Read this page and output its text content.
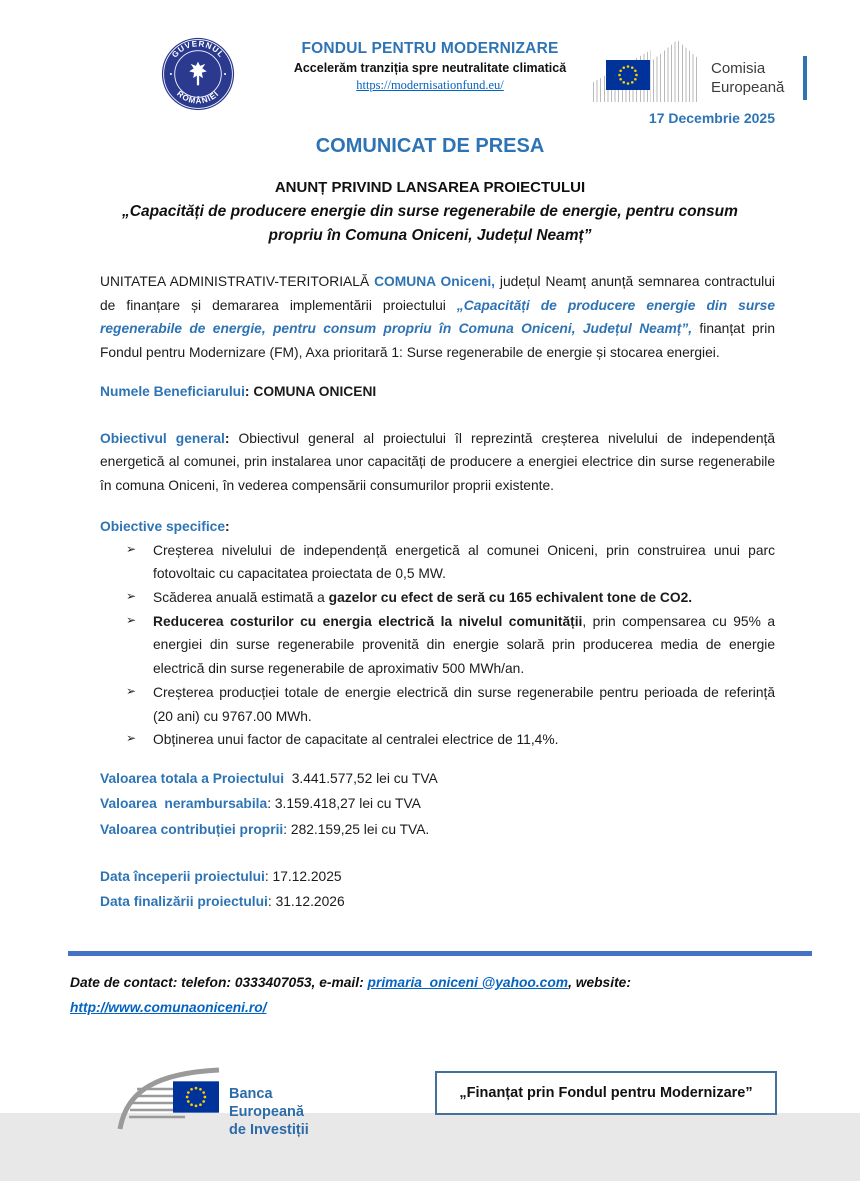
GUVERNUL
ROMÂNIEI
FONDUL PENTRU MODERNIZARE
Accelerăm tranziția spre neutralitate climatică
https://modernisationfund.eu/
Comisia
Europeană
17 Decembrie 2025
COMUNICAT DE PRESA
ANUNȚ PRIVIND LANSAREA PROIECTULUI
„Capacități de producere energie din surse regenerabile de energie, pentru consum propriu în Comuna Oniceni, Județul Neamț”

UNITATEA ADMINISTRATIV-TERITORIALĂ COMUNA Oniceni, județul Neamț anunță semnarea contractului de finanțare și demararea implementării proiectului „Capacități de producere energie din surse regenerabile de energie, pentru consum propriu în Comuna Oniceni, Județul Neamț”, finanțat prin Fondul pentru Modernizare (FM), Axa prioritară 1: Surse regenerabile de energie și stocarea energiei.

Numele Beneficiarului: COMUNA ONICENI

Obiectivul general: Obiectivul general al proiectului îl reprezintă creșterea nivelului de independență energetică al comunei, prin instalarea unor capacități de producere a energiei electrice din surse regenerabile în comuna Oniceni, în vederea compensării consumurilor proprii existente.

Obiective specifice:

➢	Creșterea nivelului de independență energetică al comunei Oniceni, prin construirea unui parc fotovoltaic cu capacitatea proiectata de 0,5 MW.
➢	Scăderea anuală estimată a gazelor cu efect de seră cu 165 echivalent tone de CO2.
➢	Reducerea costurilor cu energia electrică la nivelul comunității, prin compensarea cu 95% a energiei din surse regenerabile provenită din energie solară prin producerea media de energie electrică din surse regenerabile de aproximativ 500 MWh/an.
➢	Creșterea producției totale de energie electrică din surse regenerabile pentru perioada de referință (20 ani) cu 9767.00 MWh.
➢	Obținerea unui factor de capacitate al centralei electrice de 11,4%.
Valoarea totala a Proiectului 3.441.577,52 lei cu TVA
Valoarea  nerambursabila: 3.159.418,27 lei cu TVA
Valoarea contribuției proprii: 282.159,25 lei cu TVA.
Data începerii proiectului: 17.12.2025
Data finalizării proiectului: 31.12.2026

Date de contact: telefon: 0333407053, e-mail: primaria_oniceni @yahoo.com, website:
http://www.comunaoniceni.ro/

Banca Europeană
de Investiții
„Finanțat prin Fondul pentru Modernizare”
